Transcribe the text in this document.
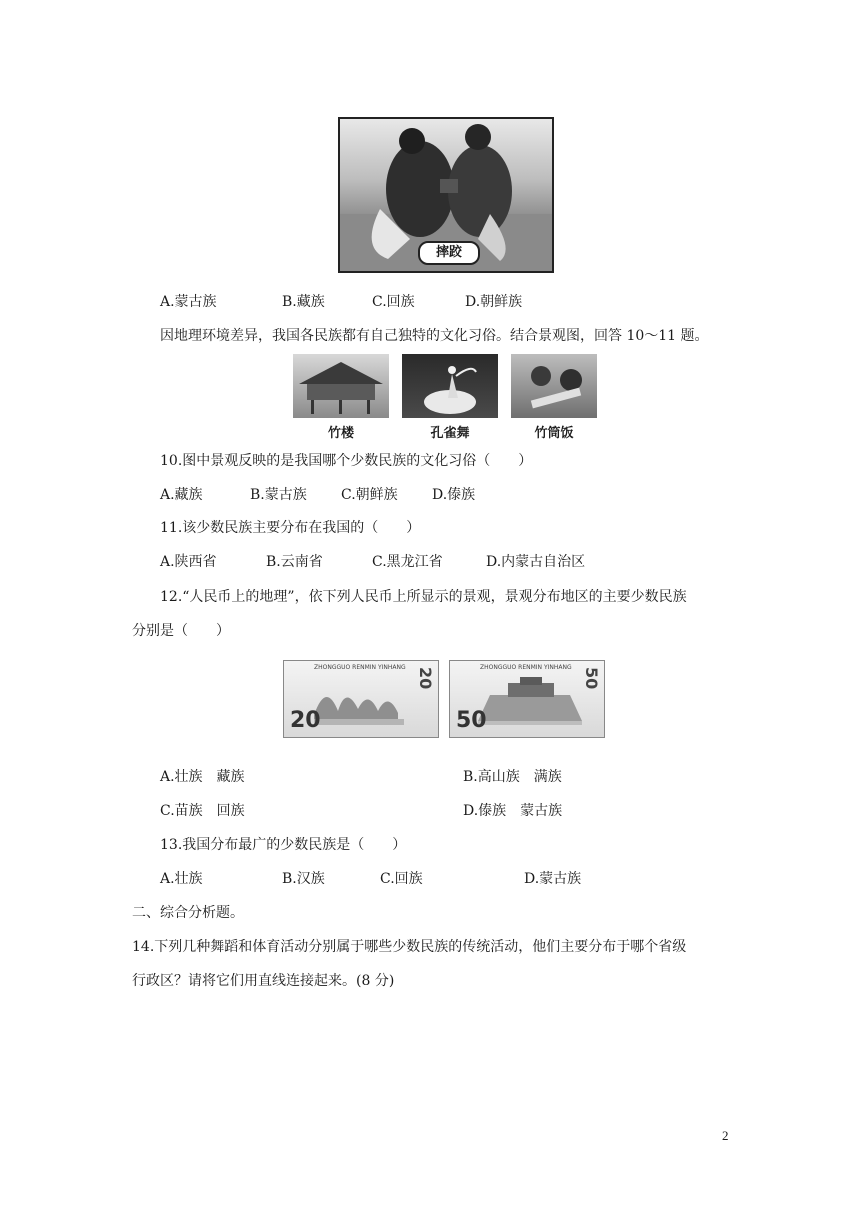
摔跤
A.蒙古族	B.藏族	C.回族	D.朝鲜族
因地理环境差异，我国各民族都有自己独特的文化习俗。结合景观图，回答 10～11 题。
竹楼	孔雀舞	竹筒饭
10.图中景观反映的是我国哪个少数民族的文化习俗（　　）
A.藏族	B.蒙古族 C.朝鲜族 D.傣族
11.该少数民族主要分布在我国的（　　）
A.陕西省	B.云南省	C.黑龙江省	D.内蒙古自治区
12.“人民币上的地理”，依下列人民币上所显示的景观，景观分布地区的主要少数民族
分别是（　　）
ZHONGGUO RENMIN YINHANG
20
20	ZHONGGUO RENMIN YINHANG
50
50
A.壮族　藏族	B.高山族　满族
C.苗族　回族	D.傣族　蒙古族
13.我国分布最广的少数民族是（　　）
A.壮族	B.汉族	C.回族	D.蒙古族
二、综合分析题。
14.下列几种舞蹈和体育活动分别属于哪些少数民族的传统活动，他们主要分布于哪个省级
行政区？请将它们用直线连接起来。(8 分)
2
